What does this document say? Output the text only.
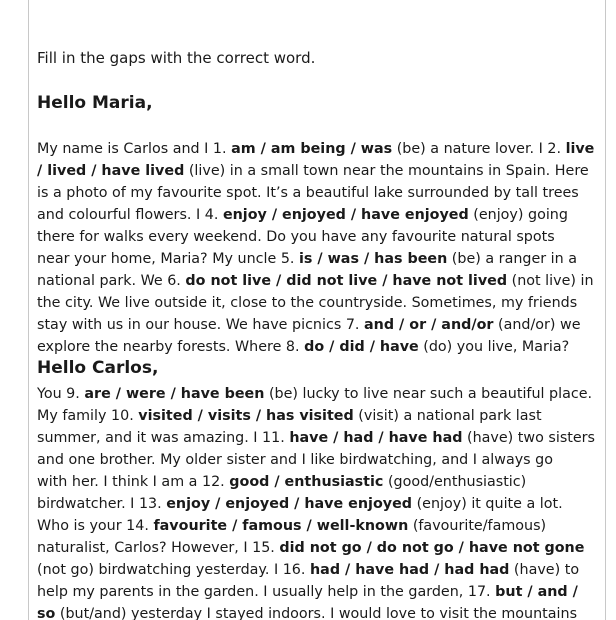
Fill in the gaps with the correct word.

Hello Maria,
My name is Carlos and I 1. am / am being / was (be) a nature lover. I 2. live
/ lived / have lived (live) in a small town near the mountains in Spain. Here
is a photo of my favourite spot. It’s a beautiful lake surrounded by tall trees
and colourful flowers. I 4. enjoy / enjoyed / have enjoyed (enjoy) going
there for walks every weekend. Do you have any favourite natural spots
near your home, Maria? My uncle 5. is / was / has been (be) a ranger in a
national park. We 6. do not live / did not live / have not lived (not live) in
the city. We live outside it, close to the countryside. Sometimes, my friends
stay with us in our house. We have picnics 7. and / or / and/or (and/or) we
explore the nearby forests. Where 8. do / did / have (do) you live, Maria?
Hello Carlos,
You 9. are / were / have been (be) lucky to live near such a beautiful place.
My family 10. visited / visits / has visited (visit) a national park last
summer, and it was amazing. I 11. have / had / have had (have) two sisters
and one brother. My older sister and I like birdwatching, and I always go
with her. I think I am a 12. good / enthusiastic (good/enthusiastic)
birdwatcher. I 13. enjoy / enjoyed / have enjoyed (enjoy) it quite a lot.
Who is your 14. favourite / famous / well-known (favourite/famous)
naturalist, Carlos? However, I 15. did not go / do not go / have not gone
(not go) birdwatching yesterday. I 16. had / have had / had had (have) to
help my parents in the garden. I usually help in the garden, 17. but / and /
so (but/and) yesterday I stayed indoors. I would love to visit the mountains
